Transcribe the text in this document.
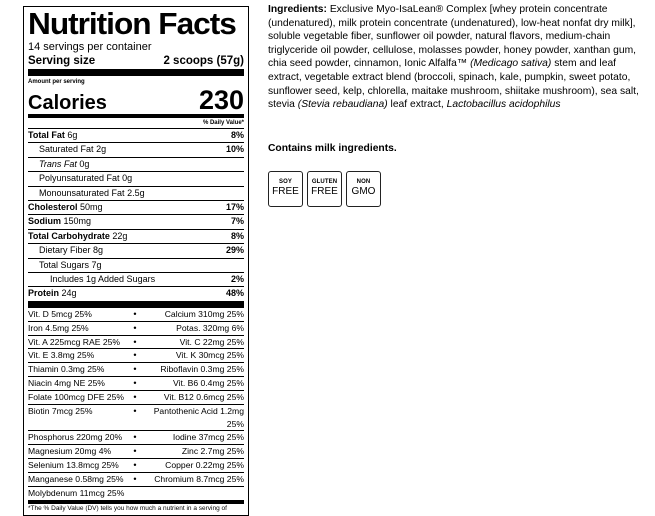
Nutrition Facts
14 servings per container
Serving size	2 scoops (57g)
Amount per serving
Calories	230
% Daily Value*
Total Fat 6g	8%
Saturated Fat 2g	10%
Trans Fat 0g
Polyunsaturated Fat 0g
Monounsaturated Fat 2.5g
Cholesterol 50mg	17%
Sodium 150mg	7%
Total Carbohydrate 22g	8%
Dietary Fiber 8g	29%
Total Sugars 7g
Includes 1g Added Sugars	2%
Protein 24g	48%
Vit. D 5mcg 25%	•	Calcium 310mg 25%
Iron 4.5mg 25%	•	Potas. 320mg 6%
Vit. A 225mcg RAE 25%	•	Vit. C 22mg 25%
Vit. E 3.8mg 25%	•	Vit. K 30mcg 25%
Thiamin 0.3mg 25%	•	Riboflavin 0.3mg 25%
Niacin 4mg NE 25%	•	Vit. B6 0.4mg 25%
Folate 100mcg DFE 25%	•	Vit. B12 0.6mcg 25%
Biotin 7mcg 25%	•	Pantothenic Acid 1.2mg 25%
Phosphorus 220mg 20%	•	Iodine 37mcg 25%
Magnesium 20mg 4%	•	Zinc 2.7mg 25%
Selenium 13.8mcg 25%	•	Copper 0.22mg 25%
Manganese 0.58mg 25%	•	Chromium 8.7mcg 25%
Molybdenum 11mcg 25%
*The % Daily Value (DV) tells you how much a nutrient in a serving of
Ingredients: Exclusive Myo-IsaLean® Complex [whey protein concentrate (undenatured), milk protein concentrate (undenatured), low-heat nonfat dry milk], soluble vegetable fiber, sunflower oil powder, natural flavors, medium-chain triglyceride oil powder, cellulose, molasses powder, honey powder, xanthan gum, chia seed powder, cinnamon, Ionic Alfalfa™ (Medicago sativa) stem and leaf extract, vegetable extract blend (broccoli, spinach, kale, pumpkin, sweet potato, sunflower seed, kelp, chlorella, maitake mushroom, shiitake mushroom), sea salt, stevia (Stevia rebaudiana) leaf extract, Lactobacillus acidophilus
Contains milk ingredients.
SOY
FREE
GLUTEN
FREE
NON
GMO
